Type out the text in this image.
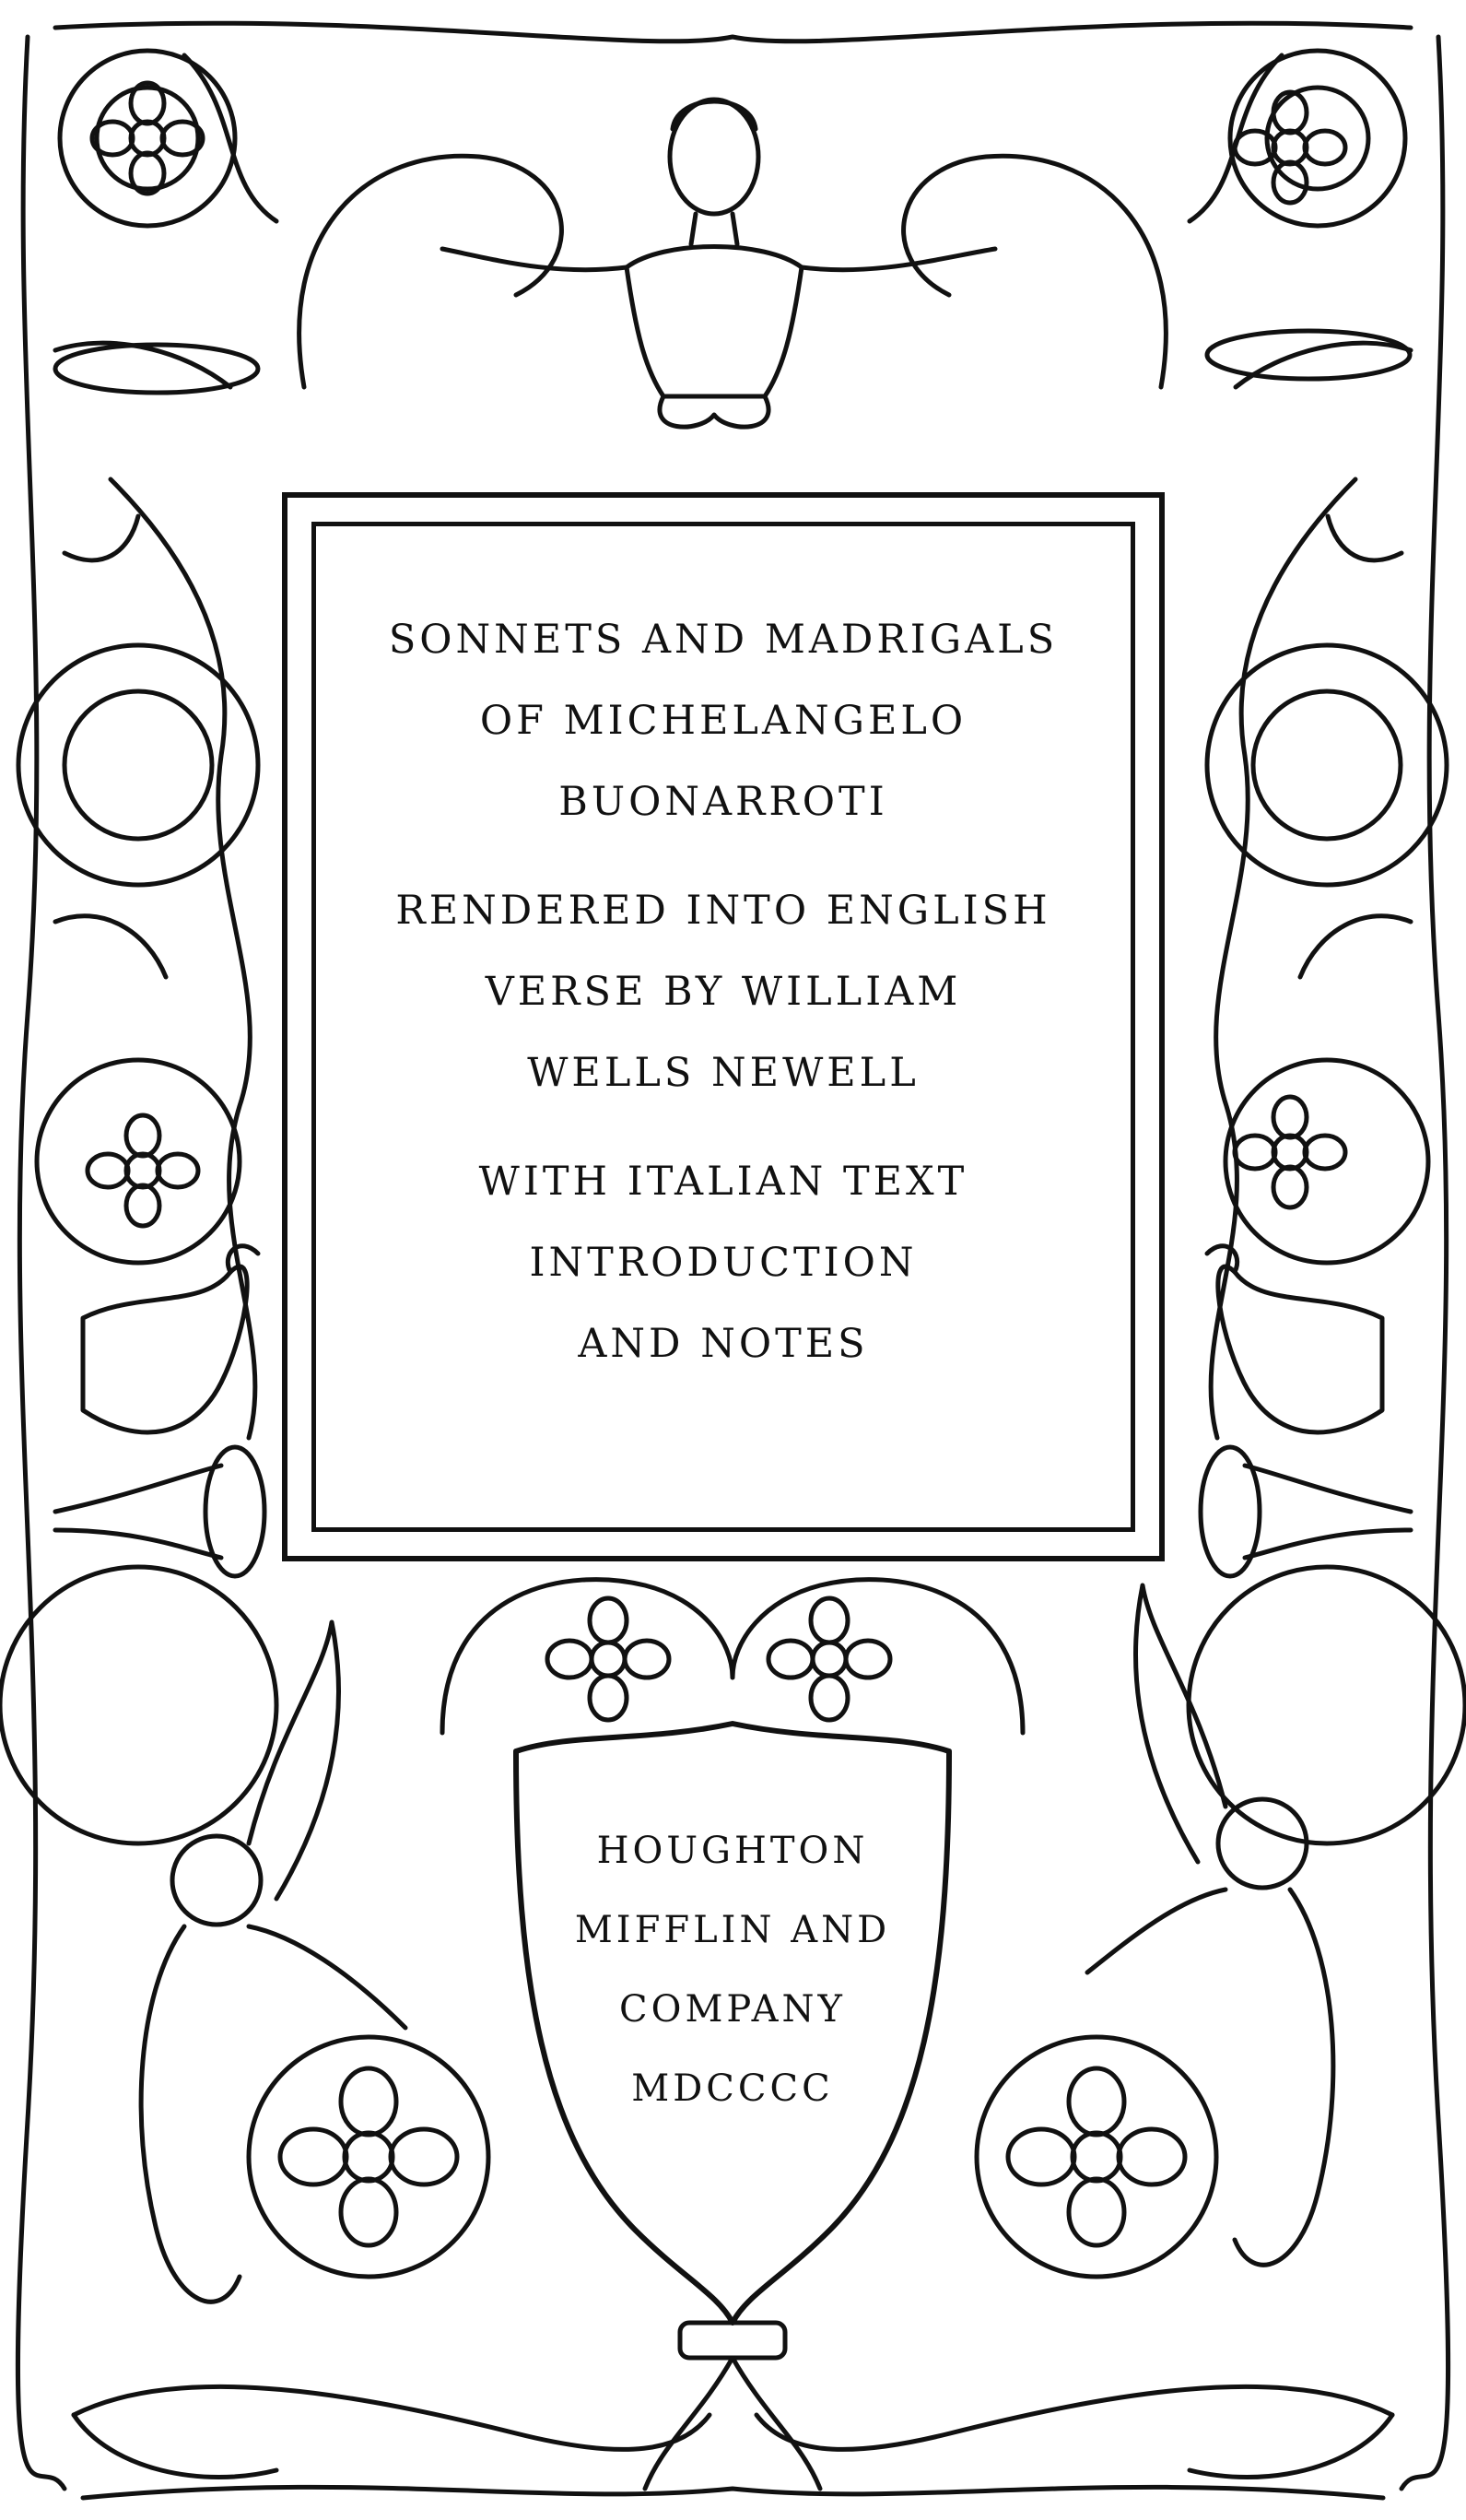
SONNETS AND MADRIGALS
OF MICHELANGELO
BUONARROTI
RENDERED INTO ENGLISH
VERSE BY WILLIAM
WELLS NEWELL
WITH ITALIAN TEXT
INTRODUCTION
AND NOTES
HOUGHTON
MIFFLIN AND
COMPANY
MDCCCC
